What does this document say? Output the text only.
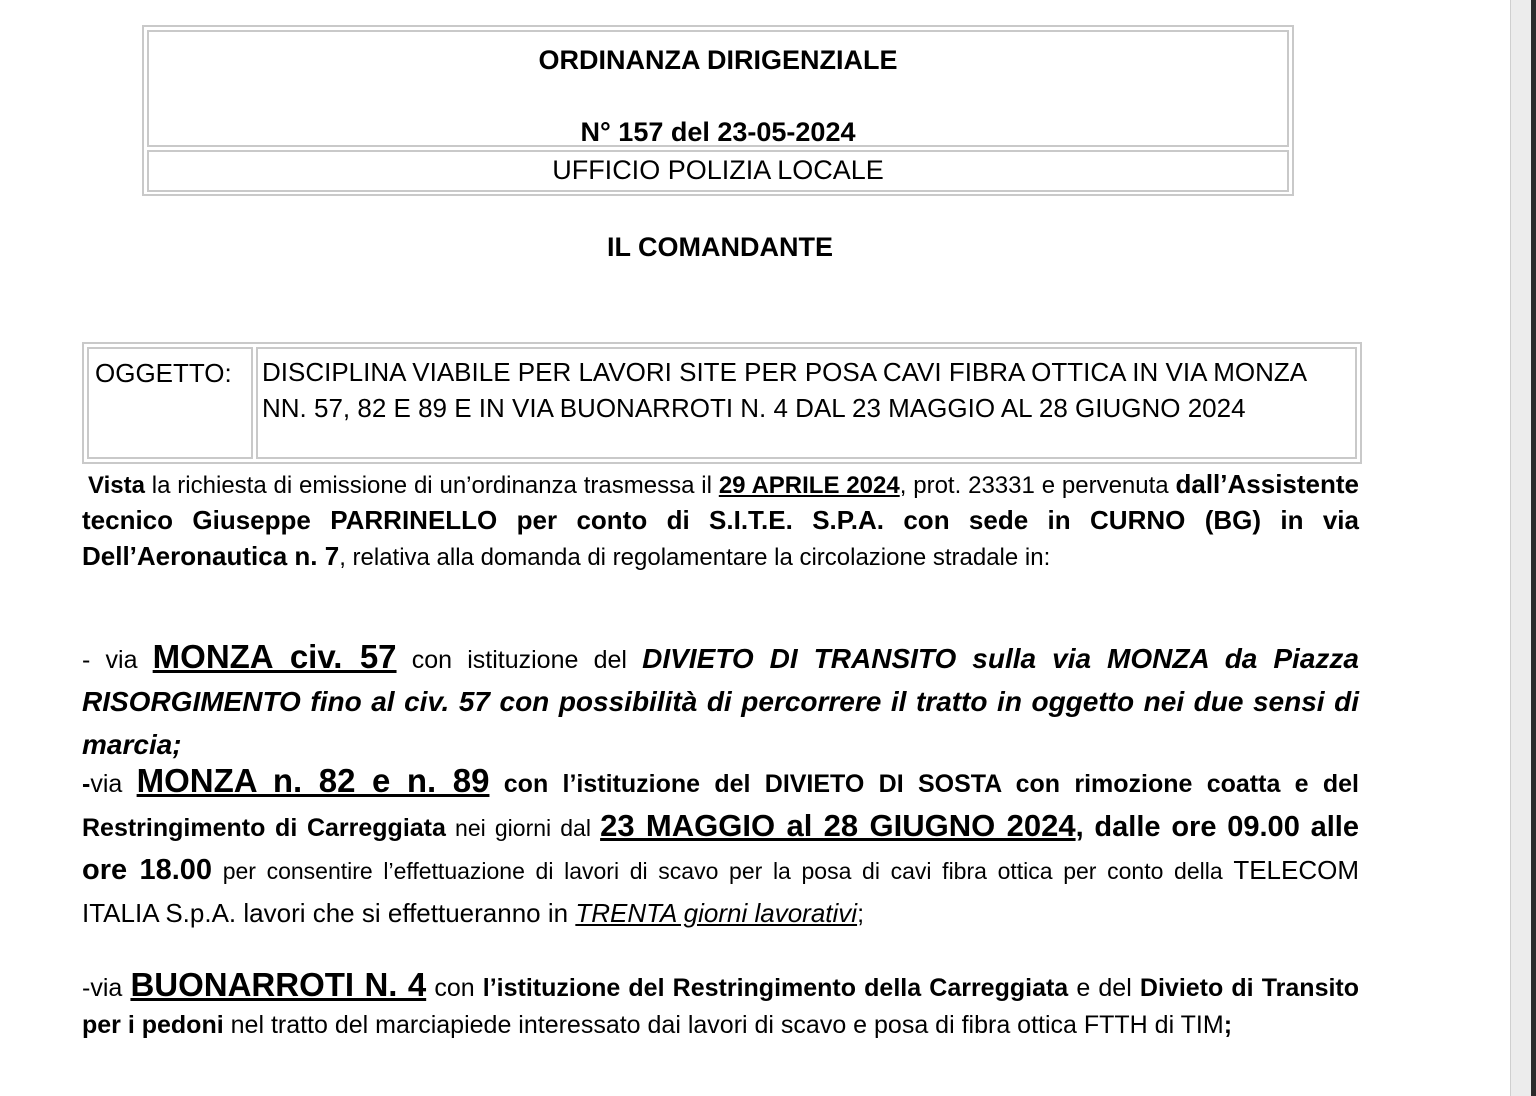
ORDINANZA DIRIGENZIALE
N° 157 del 23-05-2024
UFFICIO POLIZIA LOCALE
IL COMANDANTE
OGGETTO:	DISCIPLINA VIABILE PER LAVORI SITE PER POSA CAVI FIBRA OTTICA IN VIA MONZA NN. 57, 82 E 89 E IN VIA BUONARROTI N. 4 DAL 23 MAGGIO AL 28 GIUGNO 2024
Vista la richiesta di emissione di un’ordinanza trasmessa il 29 APRILE 2024, prot. 23331 e pervenuta dall’Assistente tecnico Giuseppe PARRINELLO per conto di S.I.T.E. S.P.A. con sede in CURNO (BG) in via Dell’Aeronautica n. 7, relativa alla domanda di regolamentare la circolazione stradale in:
- via MONZA civ. 57 con istituzione del DIVIETO DI TRANSITO sulla via MONZA da Piazza RISORGIMENTO fino al civ. 57 con possibilità di percorrere il tratto in oggetto nei due sensi di marcia;
-via MONZA n. 82 e n. 89 con l’istituzione del DIVIETO DI SOSTA con rimozione coatta e del Restringimento di Carreggiata nei giorni dal 23 MAGGIO al 28 GIUGNO 2024, dalle ore 09.00 alle ore 18.00 per consentire l’effettuazione di lavori di scavo per la posa di cavi fibra ottica per conto della TELECOM ITALIA S.p.A. lavori che si effettueranno in TRENTA giorni lavorativi;
-via BUONARROTI N. 4 con l’istituzione del Restringimento della Carreggiata e del Divieto di Transito per i pedoni nel tratto del marciapiede interessato dai lavori di scavo e posa di fibra ottica FTTH di TIM;
